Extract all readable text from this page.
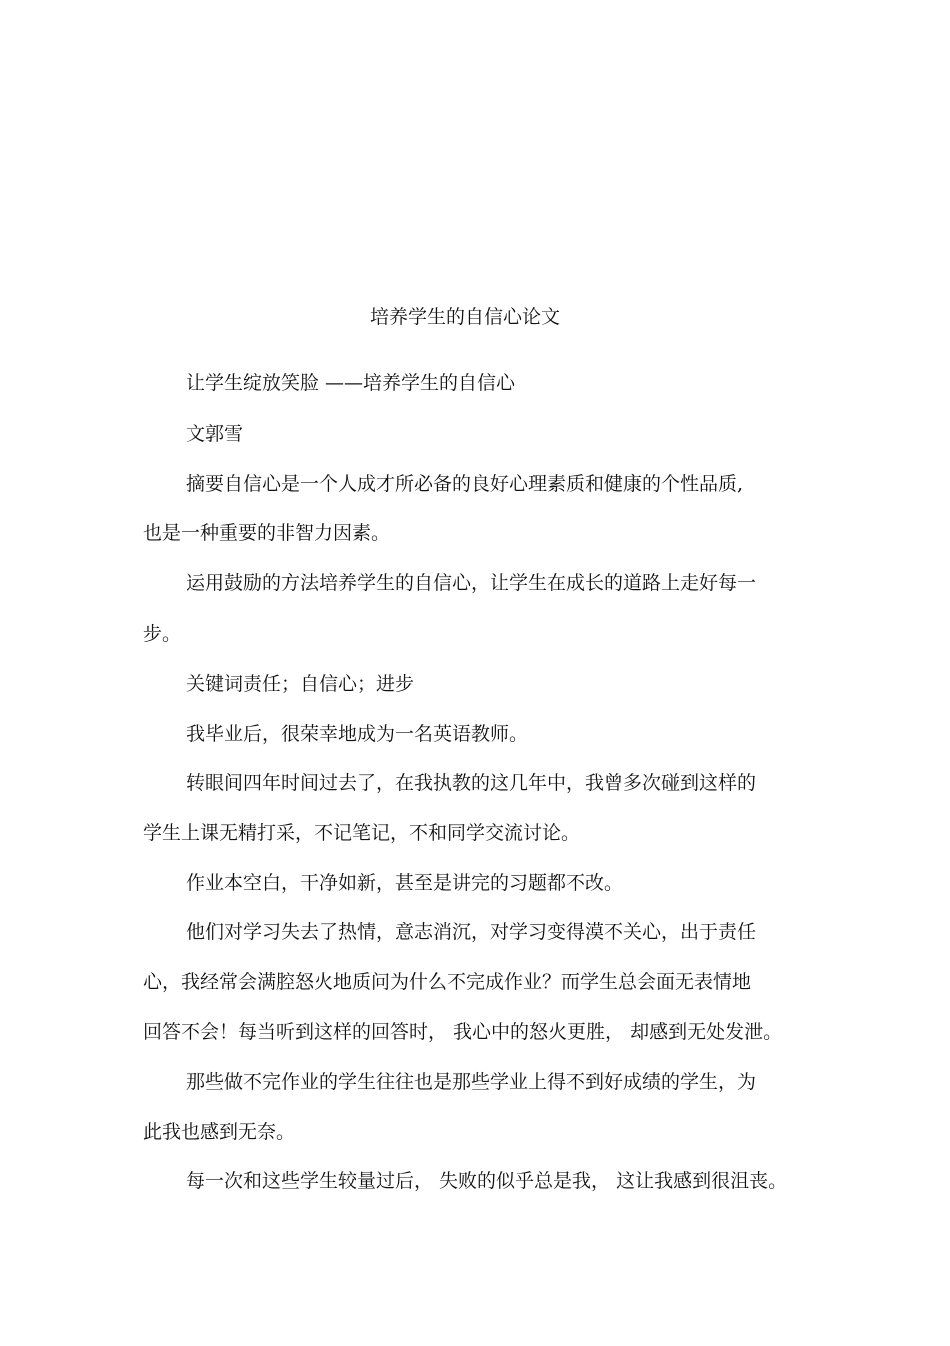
培养学生的自信心论文
让学生绽放笑脸 ——培养学生的自信心
文郭雪
摘要自信心是一个人成才所必备的良好心理素质和健康的个性品质,
也是一种重要的非智力因素。
运用鼓励的方法培养学生的自信心，让学生在成长的道路上走好每一
步。
关键词责任；自信心；进步
我毕业后，很荣幸地成为一名英语教师。
转眼间四年时间过去了，在我执教的这几年中，我曾多次碰到这样的
学生上课无精打采，不记笔记，不和同学交流讨论。
作业本空白，干净如新，甚至是讲完的习题都不改。
他们对学习失去了热情，意志消沉，对学习变得漠不关心，出于责任
心，我经常会满腔怒火地质问为什么不完成作业？而学生总会面无表情地
回答不会！每当听到这样的回答时， 我心中的怒火更胜， 却感到无处发泄。
那些做不完作业的学生往往也是那些学业上得不到好成绩的学生，为
此我也感到无奈。
每一次和这些学生较量过后， 失败的似乎总是我， 这让我感到很沮丧。
